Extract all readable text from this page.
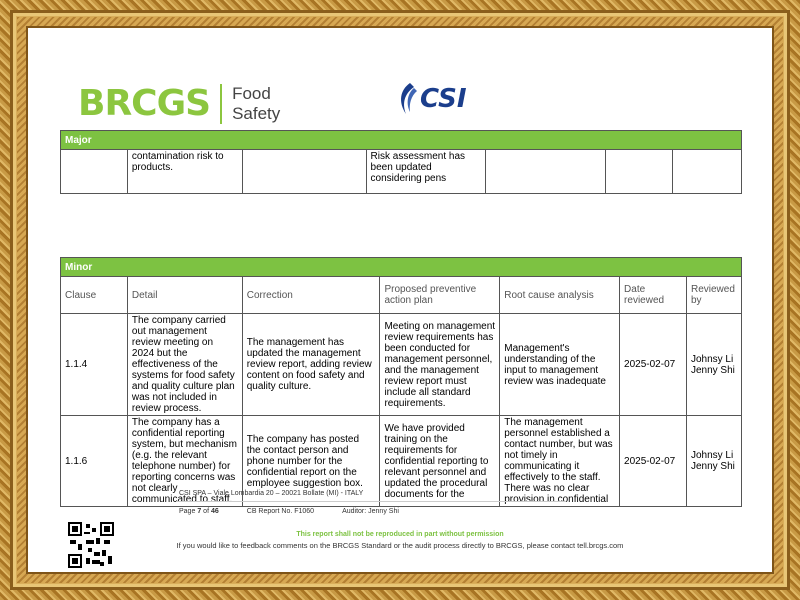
BRCGS Food
Safety	CSI
Major
	contamination risk to products.		Risk assessment has been updated considering pens			
Minor						
Clause	Detail	Correction	Proposed preventive action plan	Root cause analysis	Date reviewed	Reviewed by
1.1.4	The company carried out management review meeting on 2024 but the effectiveness of the systems for food safety and quality culture plan was not included in review process.	The management has updated the management review report, adding review content on food safety and quality culture.	Meeting on management review requirements has been conducted for management personnel, and the management review report must include all standard requirements.	Management's understanding of the input to management review was inadequate	2025-02-07	Johnsy Li
Jenny Shi
1.1.6	The company has a confidential reporting system, but mechanism (e.g. the relevant telephone number) for reporting concerns was not clearly communicated to staff.	The company has posted the contact person and phone number for the confidential report on the employee suggestion box.	We have provided training on the requirements for confidential reporting to relevant personnel and updated the procedural documents for the	The management personnel established a contact number, but was not timely in communicating it effectively to the staff. There was no clear provision in confidential	2025-02-07	Johnsy Li
Jenny Shi
CSI SPA – Viale Lombardia 20 – 20021 Bollate (MI) - ITALY
Page 7 of 46	CB Report No. F1060	Auditor: Jenny Shi
This report shall not be reproduced in part without permission
If you would like to feedback comments on the BRCGS Standard or the audit process directly to BRCGS, please contact tell.brcgs.com
